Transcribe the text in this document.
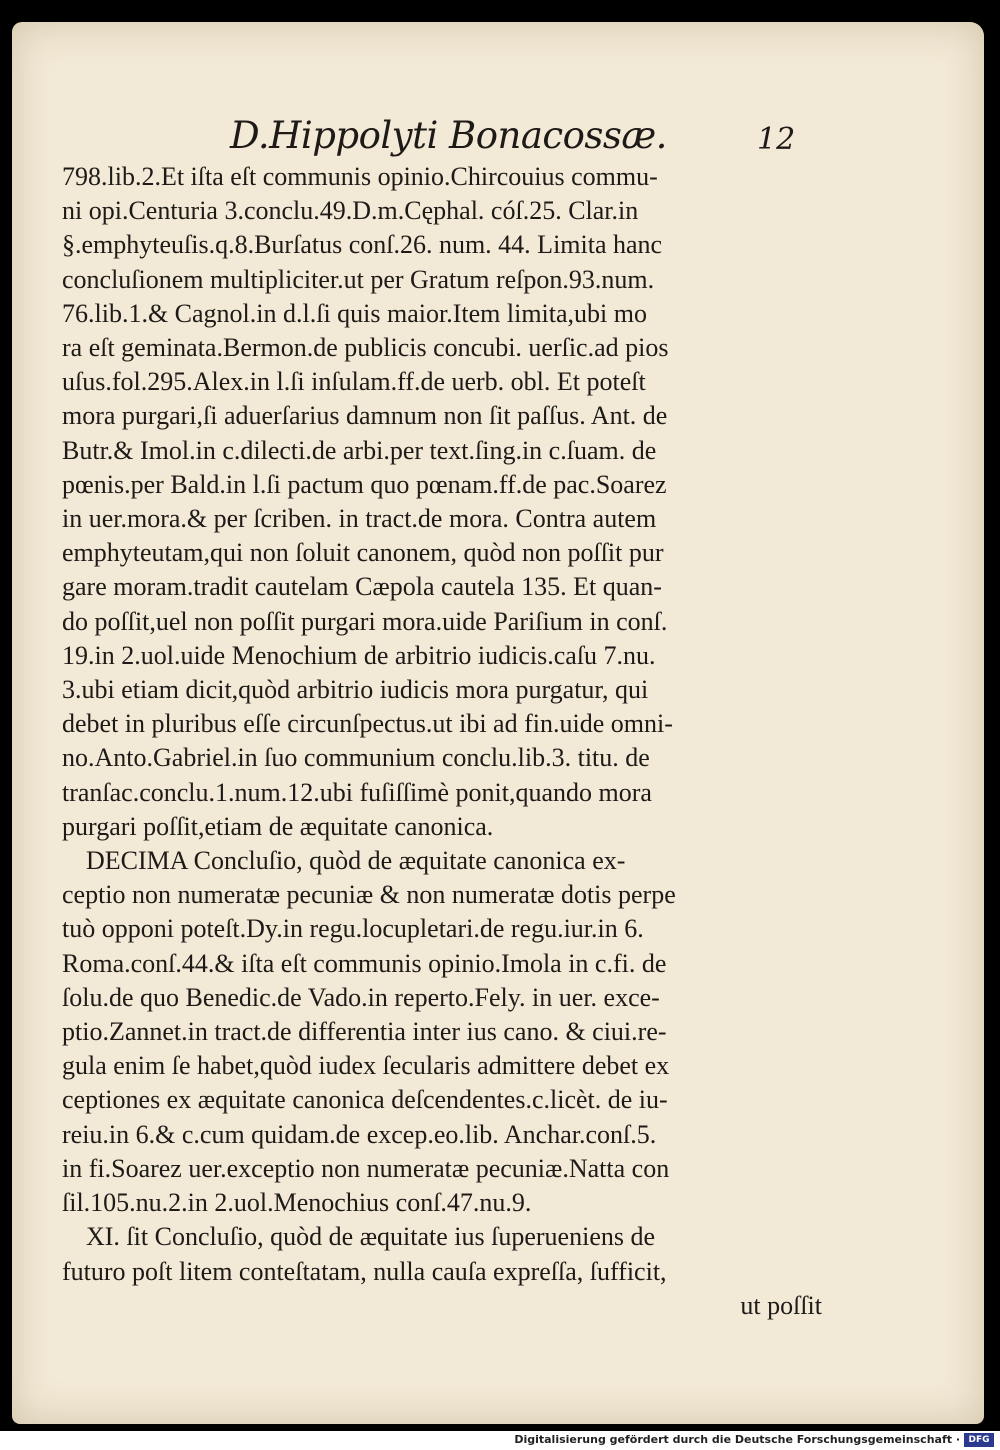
D.Hippolyti Bonacossæ.	12
798.lib.2.Et iſta eſt communis opinio.Chircouius commu-
ni opi.Centuria 3.conclu.49.D.m.Cęphal. cóſ.25. Clar.in
§.emphyteuſis.q.8.Burſatus conſ.26. num. 44. Limita hanc
concluſionem multipliciter.ut per Gratum reſpon.93.num.
76.lib.1.& Cagnol.in d.l.ſi quis maior.Item limita,ubi mo
ra eſt geminata.Bermon.de publicis concubi. uerſic.ad pios
uſus.fol.295.Alex.in l.ſi inſulam.ff.de uerb. obl. Et poteſt
mora purgari,ſi aduerſarius damnum non ſit paſſus. Ant. de
Butr.& Imol.in c.dilecti.de arbi.per text.ſing.in c.ſuam. de
pœnis.per Bald.in l.ſi pactum quo pœnam.ff.de pac.Soarez
in uer.mora.& per ſcriben. in tract.de mora. Contra autem
emphyteutam,qui non ſoluit canonem, quòd non poſſit pur
gare moram.tradit cautelam Cæpola cautela 135. Et quan-
do poſſit,uel non poſſit purgari mora.uide Pariſium in conſ.
19.in 2.uol.uide Menochium de arbitrio iudicis.caſu 7.nu.
3.ubi etiam dicit,quòd arbitrio iudicis mora purgatur, qui
debet in pluribus eſſe circunſpectus.ut ibi ad fin.uide omni-
no.Anto.Gabriel.in ſuo communium conclu.lib.3. titu. de
tranſac.conclu.1.num.12.ubi fuſiſſimè ponit,quando mora
purgari poſſit,etiam de æquitate canonica.
DECIMA Concluſio, quòd de æquitate canonica ex-
ceptio non numeratæ pecuniæ & non numeratæ dotis perpe
tuò opponi poteſt.Dy.in regu.locupletari.de regu.iur.in 6.
Roma.conſ.44.& iſta eſt communis opinio.Imola in c.fi. de
ſolu.de quo Benedic.de Vado.in reperto.Fely. in uer. exce-
ptio.Zannet.in tract.de differentia inter ius cano. & ciui.re-
gula enim ſe habet,quòd iudex ſecularis admittere debet ex
ceptiones ex æquitate canonica deſcendentes.c.licèt. de iu-
reiu.in 6.& c.cum quidam.de excep.eo.lib. Anchar.conſ.5.
in fi.Soarez uer.exceptio non numeratæ pecuniæ.Natta con
ſil.105.nu.2.in 2.uol.Menochius conſ.47.nu.9.
XI. ſit Concluſio, quòd de æquitate ius ſuperueniens de
futuro poſt litem conteſtatam, nulla cauſa expreſſa, ſufficit,
ut poſſit
Digitalisierung gefördert durch die Deutsche Forschungsgemeinschaft · DFG
